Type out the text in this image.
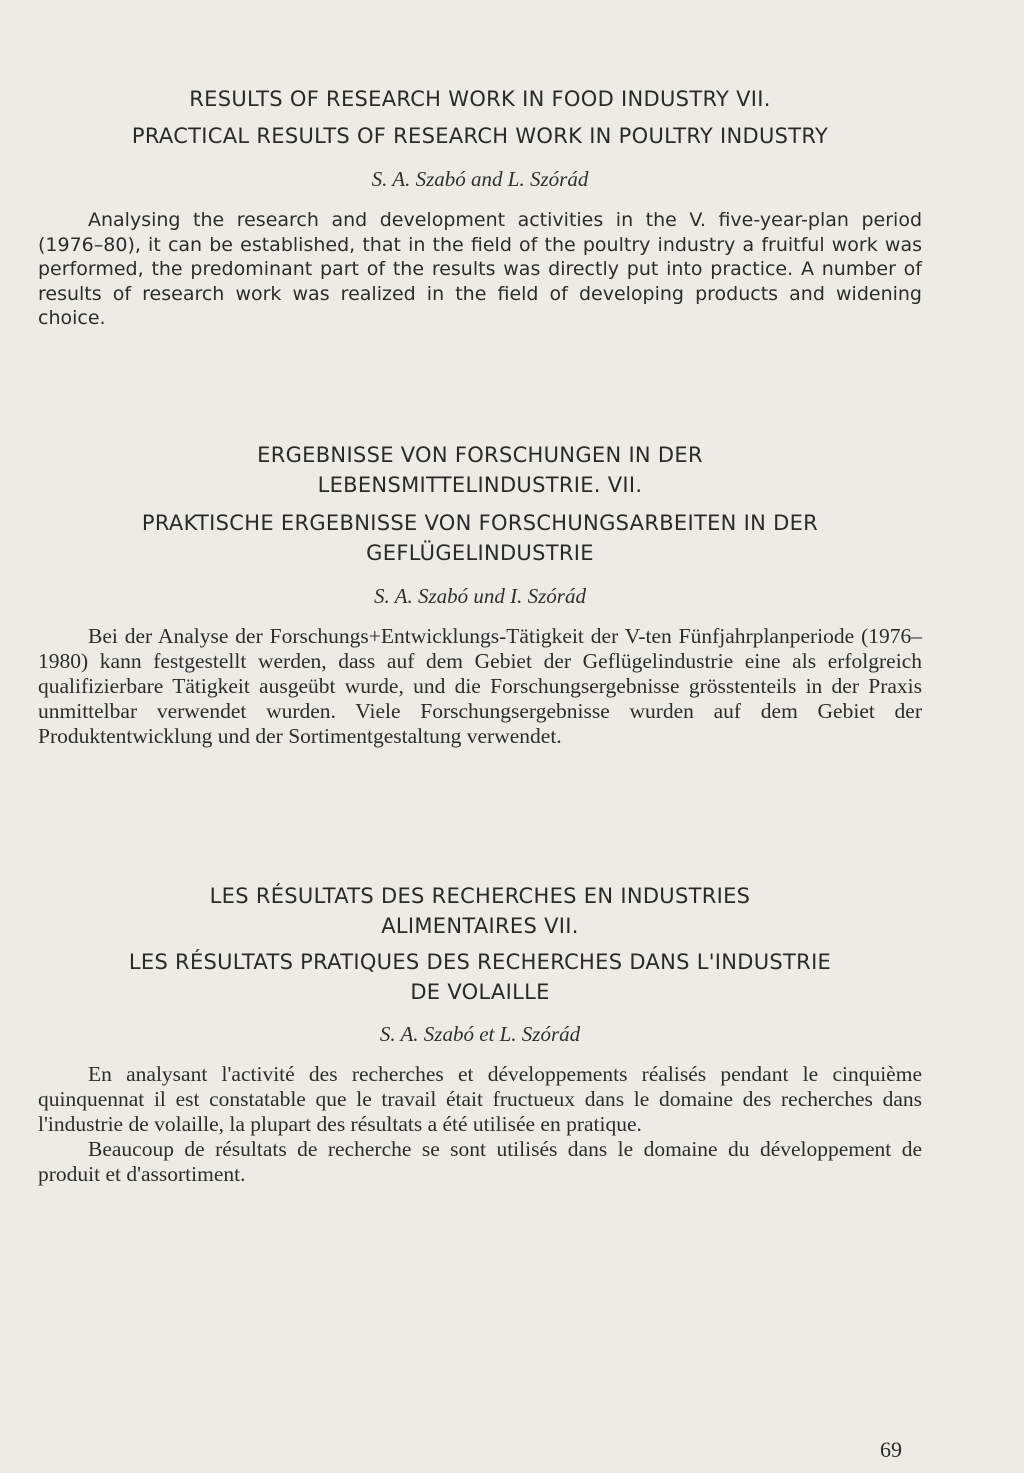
RESULTS OF RESEARCH WORK IN FOOD INDUSTRY VII.
PRACTICAL RESULTS OF RESEARCH WORK IN POULTRY INDUSTRY
S. A. Szabó and L. Szórád

Analysing the research and development activities in the V. five-year-plan period (1976–80), it can be established, that in the field of the poultry industry a fruitful work was performed, the predominant part of the results was directly put into practice. A number of results of research work was realized in the field of developing products and widening choice.

ERGEBNISSE VON FORSCHUNGEN IN DER
LEBENSMITTELINDUSTRIE. VII.
PRAKTISCHE ERGEBNISSE VON FORSCHUNGSARBEITEN IN DER
GEFLÜGELINDUSTRIE
S. A. Szabó und I. Szórád

Bei der Analyse der Forschungs+Entwicklungs-Tätigkeit der V-ten Fünfjahrplanperiode (1976–1980) kann festgestellt werden, dass auf dem Gebiet der Geflügelindustrie eine als erfolgreich qualifizierbare Tätigkeit ausgeübt wurde, und die Forschungsergebnisse grösstenteils in der Praxis unmittelbar verwendet wurden. Viele Forschungsergebnisse wurden auf dem Gebiet der Produktentwicklung und der Sortimentgestaltung verwendet.

LES RÉSULTATS DES RECHERCHES EN INDUSTRIES
ALIMENTAIRES VII.
LES RÉSULTATS PRATIQUES DES RECHERCHES DANS L'INDUSTRIE
DE VOLAILLE
S. A. Szabó et L. Szórád

En analysant l'activité des recherches et développements réalisés pendant le cinquième quinquennat il est constatable que le travail était fructueux dans le domaine des recherches dans l'industrie de volaille, la plupart des résultats a été utilisée en pratique.

Beaucoup de résultats de recherche se sont utilisés dans le domaine du développement de produit et d'assortiment.

69
